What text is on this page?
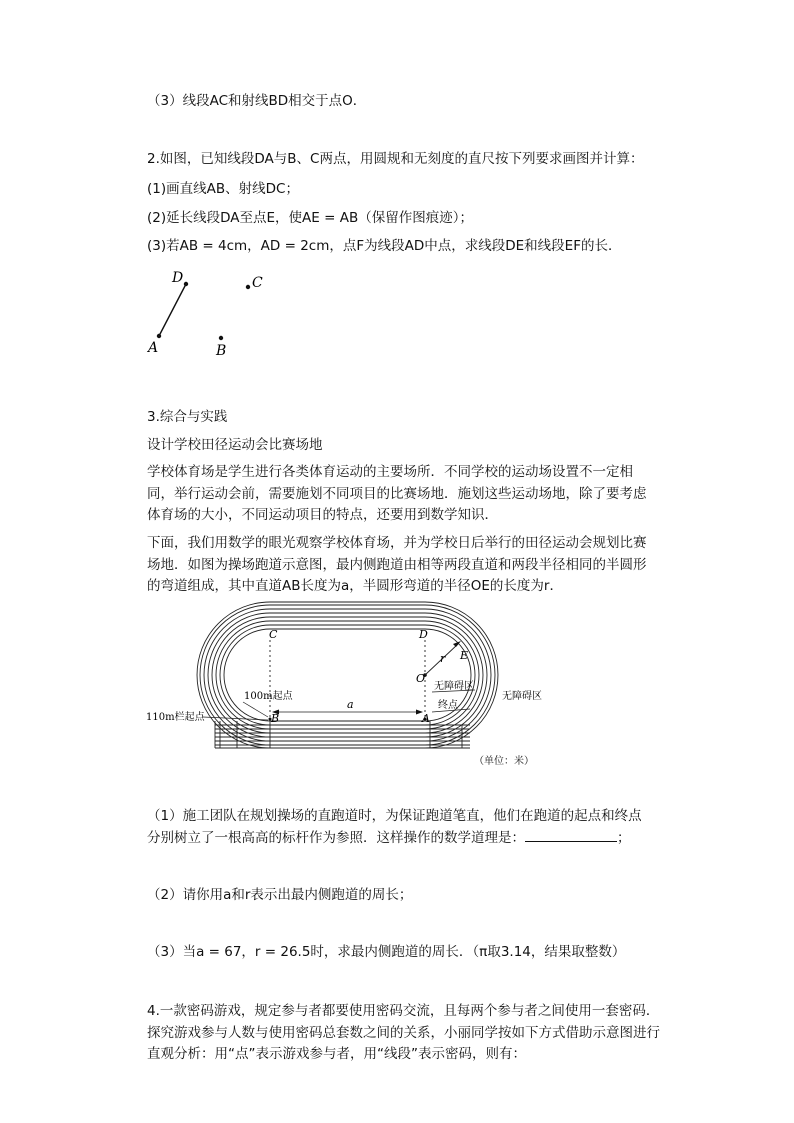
（3）线段AC和射线BD相交于点O．
2.如图，已知线段DA与B、C两点，用圆规和无刻度的直尺按下列要求画图并计算：
(1)画直线AB、射线DC；
(2)延长线段DA至点E，使AE = AB（保留作图痕迹）；
(3)若AB = 4cm，AD = 2cm，点F为线段AD中点，求线段DE和线段EF的长．
D	C
A	B
3.综合与实践
设计学校田径运动会比赛场地
学校体育场是学生进行各类体育运动的主要场所．不同学校的运动场设置不一定相同，举行运动会前，需要施划不同项目的比赛场地．施划这些运动场地，除了要考虑体育场的大小，不同运动项目的特点，还要用到数学知识．
下面，我们用数学的眼光观察学校体育场，并为学校日后举行的田径运动会规划比赛场地．如图为操场跑道示意图，最内侧跑道由相等两段直道和两段半径相同的半圆形的弯道组成，其中直道AB长度为a，半圆形弯道的半径OE的长度为r．
C	D
O
E
r
a
B	A
100m起点
110m栏起点
无障碍区
无障碍区
终点
（单位：米）
（1）施工团队在规划操场的直跑道时，为保证跑道笔直，他们在跑道的起点和终点分别树立了一根高高的标杆作为参照．这样操作的数学道理是：	；
（2）请你用a和r表示出最内侧跑道的周长；
（3）当a = 67，r = 26.5时，求最内侧跑道的周长．（π取3.14，结果取整数）
4.一款密码游戏，规定参与者都要使用密码交流，且每两个参与者之间使用一套密码．探究游戏参与人数与使用密码总套数之间的关系，小丽同学按如下方式借助示意图进行直观分析：用“点”表示游戏参与者，用“线段”表示密码，则有：
